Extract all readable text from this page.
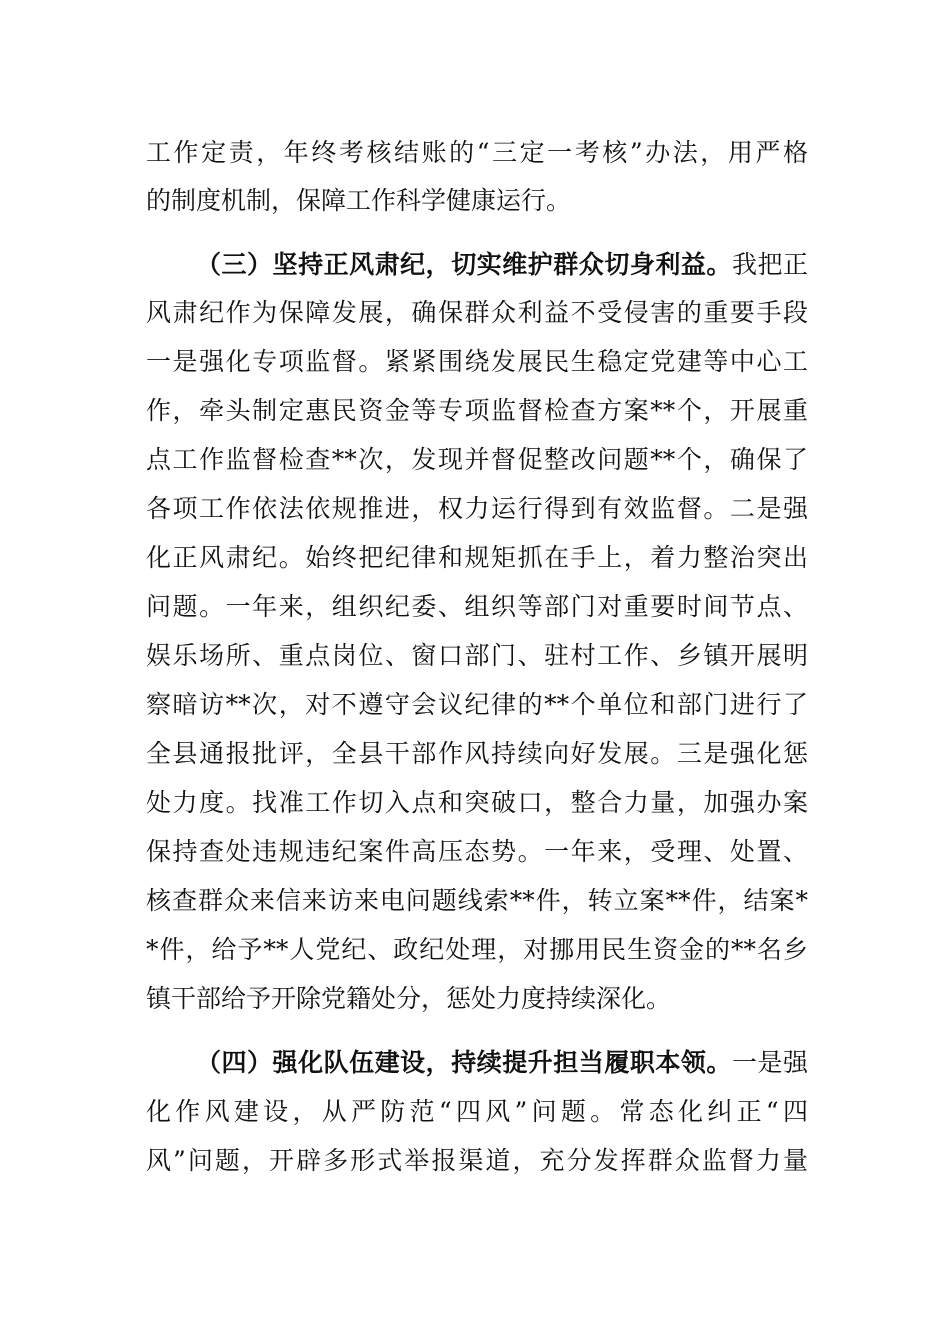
工作定责，年终考核结账的“三定一考核”办法，用严格
的制度机制，保障工作科学健康运行。
（三）坚持正风肃纪，切实维护群众切身利益。我把正
风肃纪作为保障发展，确保群众利益不受侵害的重要手段
一是强化专项监督。紧紧围绕发展民生稳定党建等中心工
作，牵头制定惠民资金等专项监督检查方案**个，开展重
点工作监督检查**次，发现并督促整改问题**个，确保了
各项工作依法依规推进，权力运行得到有效监督。二是强
化正风肃纪。始终把纪律和规矩抓在手上，着力整治突出
问题。一年来，组织纪委、组织等部门对重要时间节点、
娱乐场所、重点岗位、窗口部门、驻村工作、乡镇开展明
察暗访**次，对不遵守会议纪律的**个单位和部门进行了
全县通报批评，全县干部作风持续向好发展。三是强化惩
处力度。找准工作切入点和突破口，整合力量，加强办案
保持查处违规违纪案件高压态势。一年来，受理、处置、
核查群众来信来访来电问题线索**件，转立案**件，结案*
*件，给予**人党纪、政纪处理，对挪用民生资金的**名乡
镇干部给予开除党籍处分，惩处力度持续深化。
（四）强化队伍建设，持续提升担当履职本领。一是强
化作风建设，从严防范“四风”问题。常态化纠正“四
风”问题，开辟多形式举报渠道，充分发挥群众监督力量
